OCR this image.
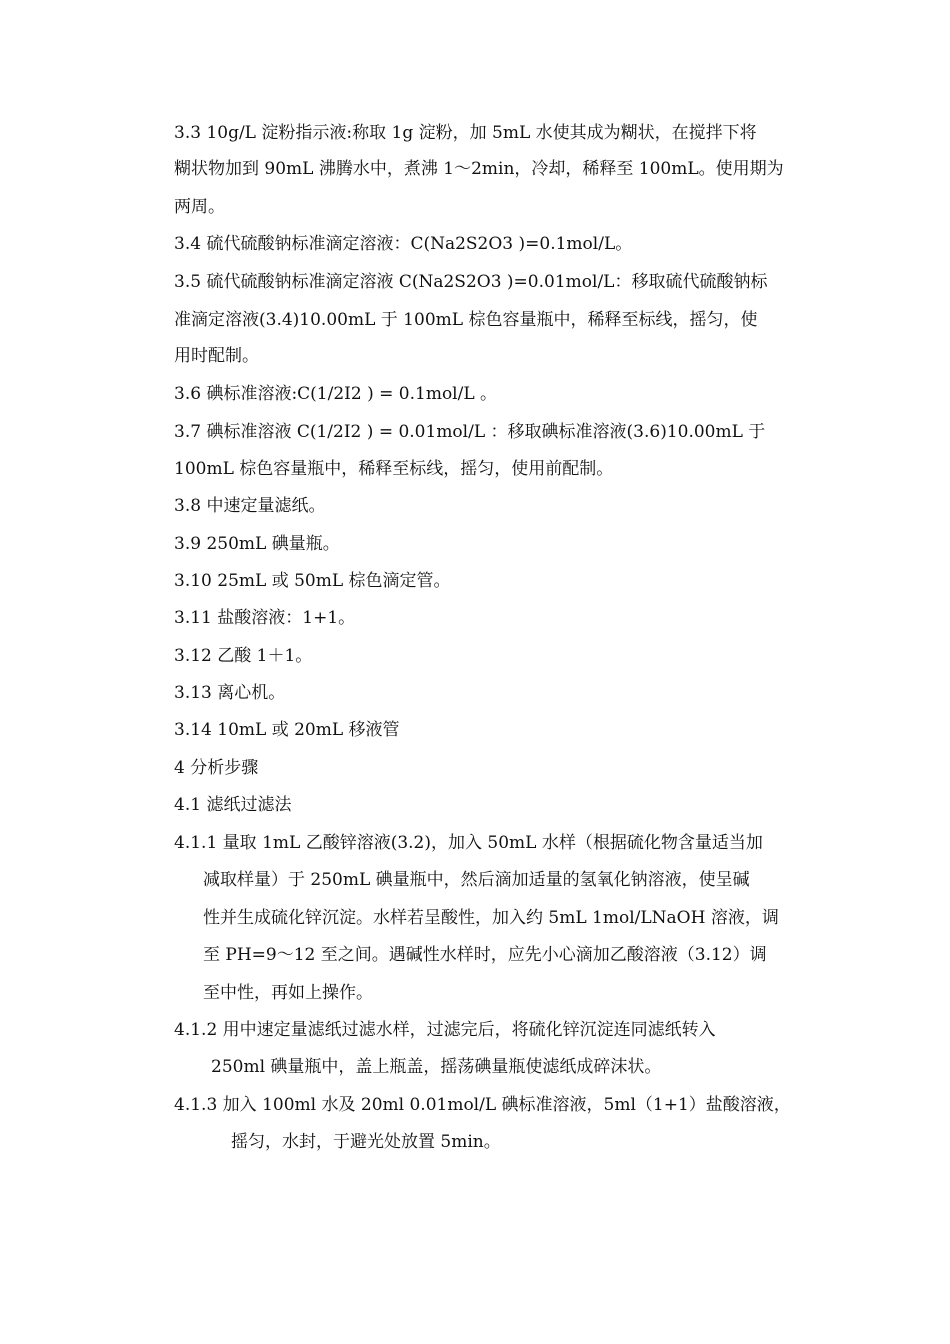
3.3 10g/L 淀粉指示液:称取 1g 淀粉，加 5mL 水使其成为糊状，在搅拌下将
糊状物加到 90mL 沸腾水中，煮沸 1～2min，冷却，稀释至 100mL。使用期为
两周。
3.4 硫代硫酸钠标准滴定溶液：C(Na2S2O3 )=0.1mol/L。
3.5 硫代硫酸钠标准滴定溶液 C(Na2S2O3 )=0.01mol/L：移取硫代硫酸钠标
准滴定溶液(3.4)10.00mL 于 100mL 棕色容量瓶中，稀释至标线，摇匀，使
用时配制。
3.6 碘标准溶液:C(1/2I2 ) = 0.1mol/L 。
3.7 碘标准溶液 C(1/2I2 ) = 0.01mol/L ：移取碘标准溶液(3.6)10.00mL 于
100mL 棕色容量瓶中，稀释至标线，摇匀，使用前配制。
3.8 中速定量滤纸。
3.9 250mL 碘量瓶。
3.10 25mL 或 50mL 棕色滴定管。
3.11 盐酸溶液：1+1。
3.12 乙酸 1＋1。
3.13 离心机。
3.14 10mL 或 20mL 移液管
4 分析步骤
4.1 滤纸过滤法
4.1.1 量取 1mL 乙酸锌溶液(3.2)，加入 50mL 水样（根据硫化物含量适当加
减取样量）于 250mL 碘量瓶中，然后滴加适量的氢氧化钠溶液，使呈碱
性并生成硫化锌沉淀。水样若呈酸性，加入约 5mL 1mol/LNaOH 溶液，调
至 PH=9～12 至之间。遇碱性水样时，应先小心滴加乙酸溶液（3.12）调
至中性，再如上操作。
4.1.2 用中速定量滤纸过滤水样，过滤完后，将硫化锌沉淀连同滤纸转入
250ml 碘量瓶中，盖上瓶盖，摇荡碘量瓶使滤纸成碎沫状。
4.1.3 加入 100ml 水及 20ml 0.01mol/L 碘标准溶液，5ml（1+1）盐酸溶液，
摇匀，水封，于避光处放置 5min。
